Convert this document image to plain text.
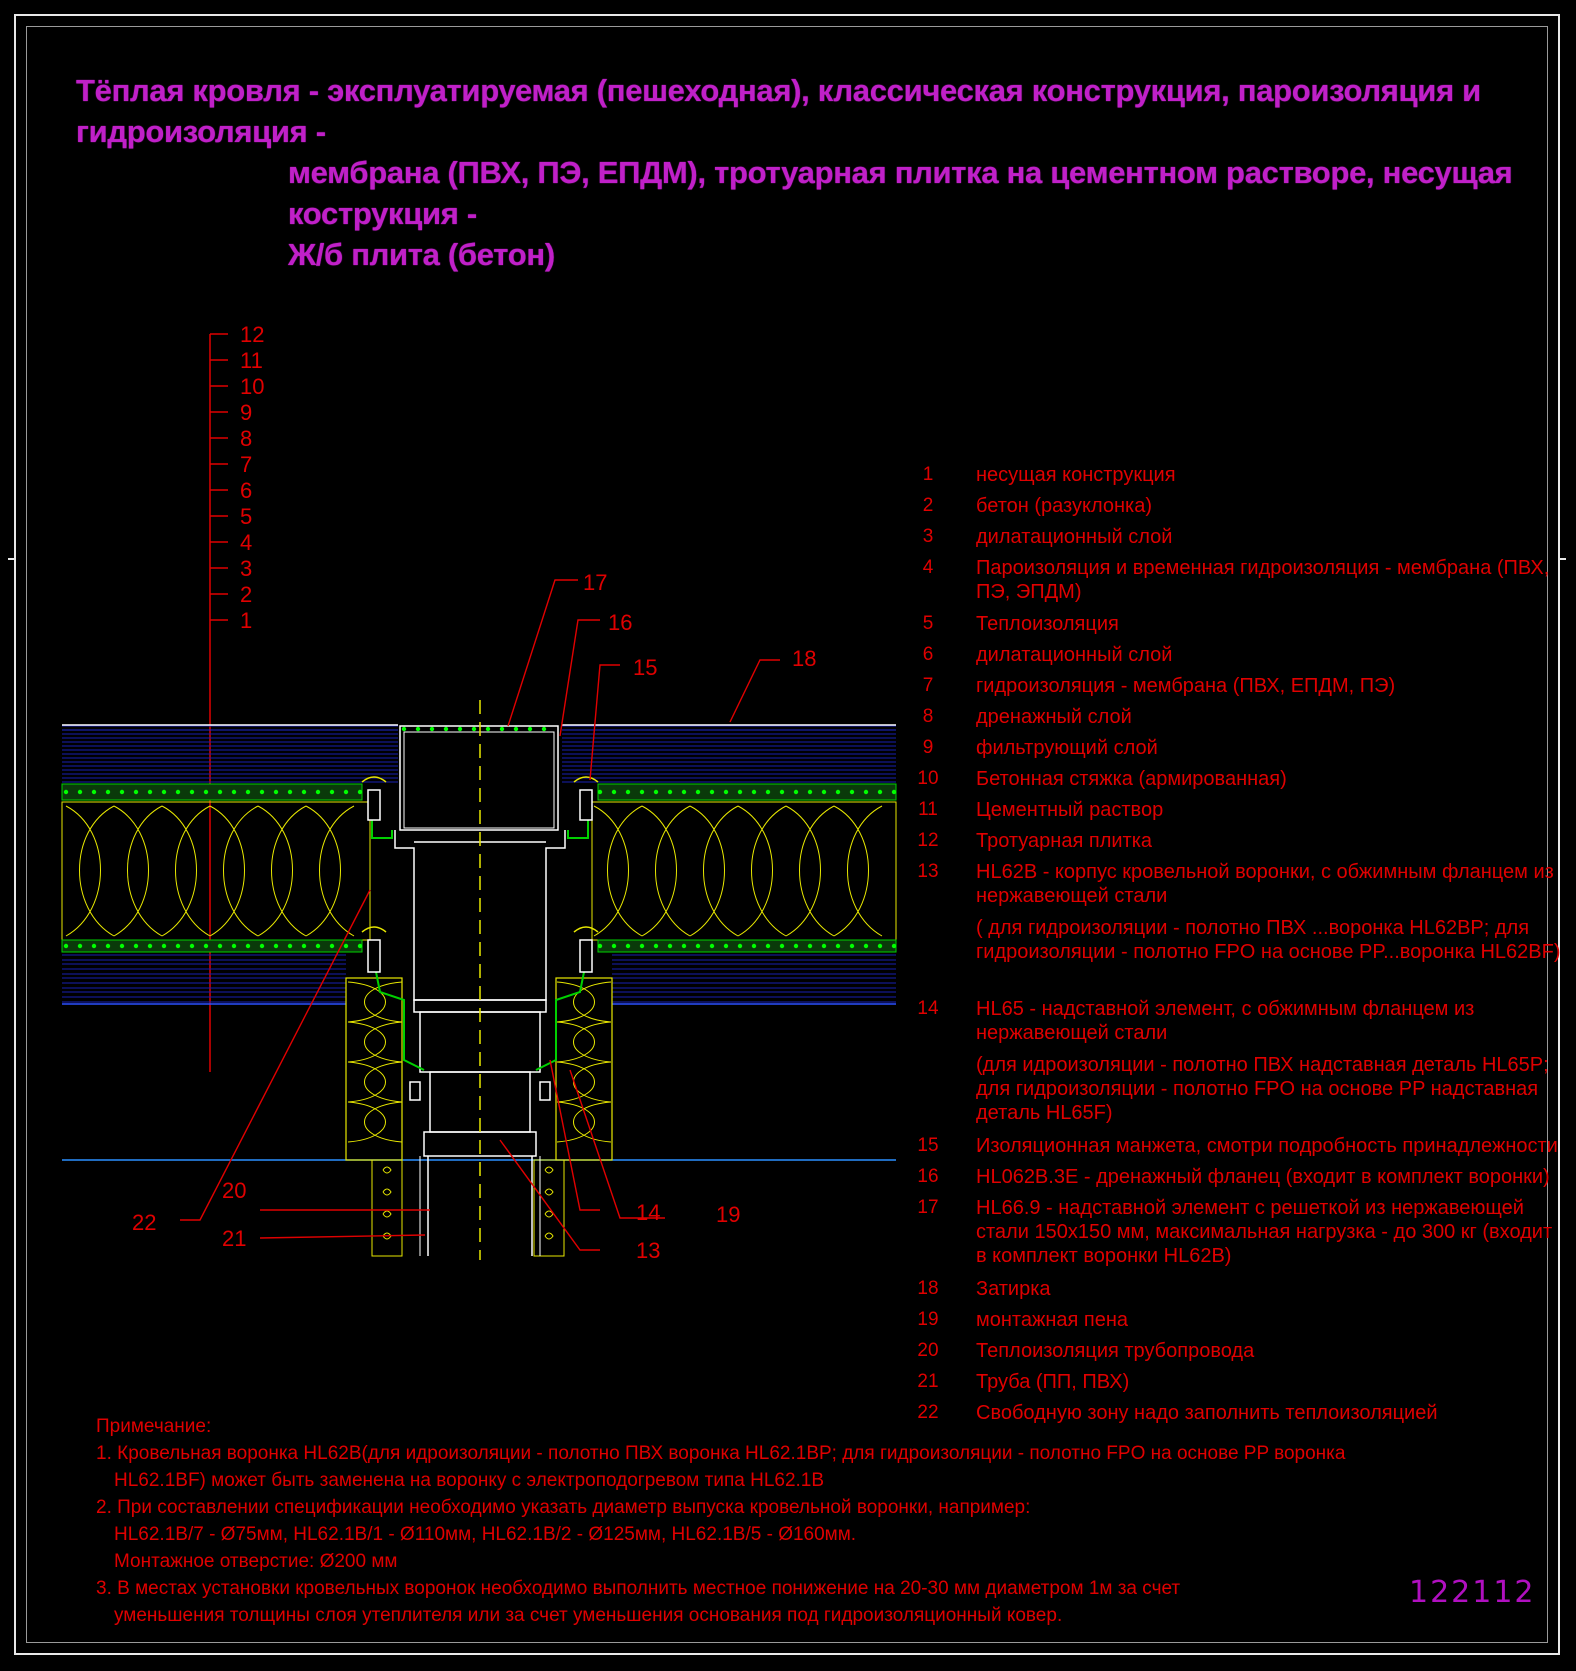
Тёплая кровля - эксплуатируемая (пешеходная), классическая конструкция, пароизоляция и гидроизоляция -
мембрана (ПВХ, ПЭ, ЕПДМ), тротуарная плитка на цементном растворе, несущая кострукция -
Ж/б плита (бетон)
12
11
10
9
8
7
6
5
4
3
2
1
17
16
15	18
22
20
21
14	19
13
1	несущая конструкция
2	бетон (разуклонка)
3	дилатационный слой
4	Пароизоляция и временная гидроизоляция - мембрана (ПВХ, ПЭ, ЭПДМ)
5	Теплоизоляция
6	дилатационный слой
7	гидроизоляция - мембрана (ПВХ, ЕПДМ, ПЭ)
8	дренажный слой
9	фильтрующий слой
10	Бетонная стяжка (армированная)
11	Цементный раствор
12	Тротуарная плитка
13	HL62B - корпус кровельной воронки, с обжимным фланцем из нержавеющей стали
( для гидроизоляции - полотно ПВХ ...воронка HL62BP; для гидроизоляции - полотно FPO на основе PP...воронка HL62BF)
14	HL65 - надставной элемент, с обжимным фланцем из нержавеющей стали
(для идроизоляции - полотно ПВХ надставная деталь HL65P; для гидроизоляции - полотно FPO на основе PP надставная деталь HL65F)
15	Изоляционная манжета, смотри подробность принадлежности
16	HL062B.3E - дренажный фланец (входит в комплект воронки)
17	HL66.9 - надставной элемент с решеткой из нержавеющей стали 150x150 мм, максимальная нагрузка - до 300 кг (входит в комплект воронки HL62B)
18	Затирка
19	монтажная пена
20	Теплоизоляция трубопровода
21	Труба (ПП, ПВХ)
22	Свободную зону надо заполнить теплоизоляцией
Примечание:
1. Кровельная воронка HL62B(для идроизоляции - полотно ПВХ воронка HL62.1BP; для гидроизоляции - полотно FPO на основе PP воронка
HL62.1BF) может быть заменена на воронку с электроподогревом типа HL62.1B
2. При составлении спецификации необходимо указать диаметр выпуска кровельной воронки, например:
HL62.1B/7 - Ø75мм, HL62.1B/1 - Ø110мм, HL62.1B/2 - Ø125мм, HL62.1B/5 - Ø160мм.
Монтажное отверстие: Ø200 мм
3. В местах установки кровельных воронок необходимо выполнить местное понижение на 20-30 мм диаметром 1м за счет
уменьшения толщины слоя утеплителя или за счет уменьшения основания под гидроизоляционный ковер.
122112
